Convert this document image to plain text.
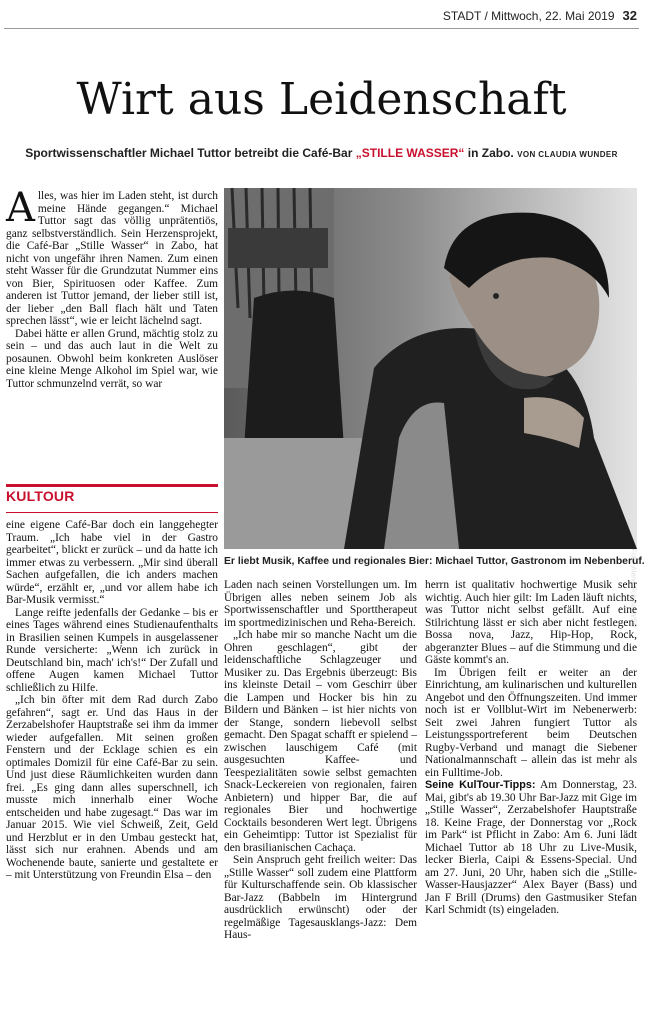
STADT / Mittwoch, 22. Mai 2019 32
Wirt aus Leidenschaft
Sportwissenschaftler Michael Tuttor betreibt die Café-Bar „STILLE WASSER“ in Zabo. VON CLAUDIA WUNDER

Alles, was hier im Laden steht, ist durch meine Hände gegangen.“ Michael Tuttor sagt das völlig unprätentiös, ganz selbstverständlich. Sein Herzensprojekt, die Café-Bar „Stille Wasser“ in Zabo, hat nicht von ungefähr ihren Namen. Zum einen steht Wasser für die Grundzutat Nummer eins von Bier, Spirituosen oder Kaffee. Zum anderen ist Tuttor jemand, der lieber still ist, der lieber „den Ball flach hält und Taten sprechen lässt“, wie er leicht lächelnd sagt.

Dabei hätte er allen Grund, mächtig stolz zu sein – und das auch laut in die Welt zu posaunen. Obwohl beim konkreten Auslöser eine kleine Menge Alkohol im Spiel war, wie Tuttor schmunzelnd verrät, so war

KULTOUR
Foto: Alena Rohmann/BR
Er liebt Musik, Kaffee und regionales Bier: Michael Tuttor, Gastronom im Nebenberuf.

eine eigene Café-Bar doch ein langgehegter Traum. „Ich habe viel in der Gastro gearbeitet“, blickt er zurück – und da hatte ich immer etwas zu verbessern. „Mir sind überall Sachen aufgefallen, die ich anders machen würde“, erzählt er, „und vor allem habe ich Bar-Musik vermisst.“

Lange reifte jedenfalls der Gedanke – bis er eines Tages während eines Studienaufenthalts in Brasilien seinen Kumpels in ausgelassener Runde versicherte: „Wenn ich zurück in Deutschland bin, mach' ich's!“ Der Zufall und offene Augen kamen Michael Tuttor schließlich zu Hilfe.

„Ich bin öfter mit dem Rad durch Zabo gefahren“, sagt er. Und das Haus in der Zerzabelshofer Hauptstraße sei ihm da immer wieder aufgefallen. Mit seinen großen Fenstern und der Ecklage schien es ein optimales Domizil für eine Café-Bar zu sein. Und just diese Räumlichkeiten wurden dann frei. „Es ging dann alles superschnell, ich musste mich innerhalb einer Woche entscheiden und habe zugesagt.“ Das war im Januar 2015. Wie viel Schweiß, Zeit, Geld und Herzblut er in den Umbau gesteckt hat, lässt sich nur erahnen. Abends und am Wochenende baute, sanierte und gestaltete er – mit Unterstützung von Freundin Elsa – den

Laden nach seinen Vorstellungen um. Im Übrigen alles neben seinem Job als Sportwissenschaftler und Sporttherapeut im sportmedizinischen und Reha-Bereich.

„Ich habe mir so manche Nacht um die Ohren geschlagen“, gibt der leidenschaftliche Schlagzeuger und Musiker zu. Das Ergebnis überzeugt: Bis ins kleinste Detail – vom Geschirr über die Lampen und Hocker bis hin zu Bildern und Bänken – ist hier nichts von der Stange, sondern liebevoll selbst gemacht. Den Spagat schafft er spielend – zwischen lauschigem Café (mit ausgesuchten Kaffee- und Teespezialitäten sowie selbst gemachten Snack-Leckereien von regionalen, fairen Anbietern) und hipper Bar, die auf regionales Bier und hochwertige Cocktails besonderen Wert legt. Übrigens ein Geheimtipp: Tuttor ist Spezialist für den brasilianischen Cachaça.

Sein Anspruch geht freilich weiter: Das „Stille Wasser“ soll zudem eine Plattform für Kulturschaffende sein. Ob klassischer Bar-Jazz (Babbeln im Hintergrund ausdrücklich erwünscht) oder der regelmäßige Tagesausklangs-Jazz: Dem Haus-

herrn ist qualitativ hochwertige Musik sehr wichtig. Auch hier gilt: Im Laden läuft nichts, was Tuttor nicht selbst gefällt. Auf eine Stilrichtung lässt er sich aber nicht festlegen. Bossa nova, Jazz, Hip-Hop, Rock, abgeranzter Blues – auf die Stimmung und die Gäste kommt's an.

Im Übrigen feilt er weiter an der Einrichtung, am kulinarischen und kulturellen Angebot und den Öffnungszeiten. Und immer noch ist er Vollblut-Wirt im Nebenerwerb: Seit zwei Jahren fungiert Tuttor als Leistungssportreferent beim Deutschen Rugby-Verband und managt die Siebener Nationalmannschaft – allein das ist mehr als ein Fulltime-Job.

Seine KulTour-Tipps: Am Donnerstag, 23. Mai, gibt's ab 19.30 Uhr Bar-Jazz mit Gige im „Stille Wasser“, Zerzabelshofer Hauptstraße 18. Keine Frage, der Donnerstag vor „Rock im Park“ ist Pflicht in Zabo: Am 6. Juni lädt Michael Tuttor ab 18 Uhr zu Live-Musik, lecker Bierla, Caipi & Essens-Special. Und am 27. Juni, 20 Uhr, haben sich die „Stille-Wasser-Hausjazzer“ Alex Bayer (Bass) und Jan F Brill (Drums) den Gastmusiker Stefan Karl Schmidt (ts) eingeladen.
